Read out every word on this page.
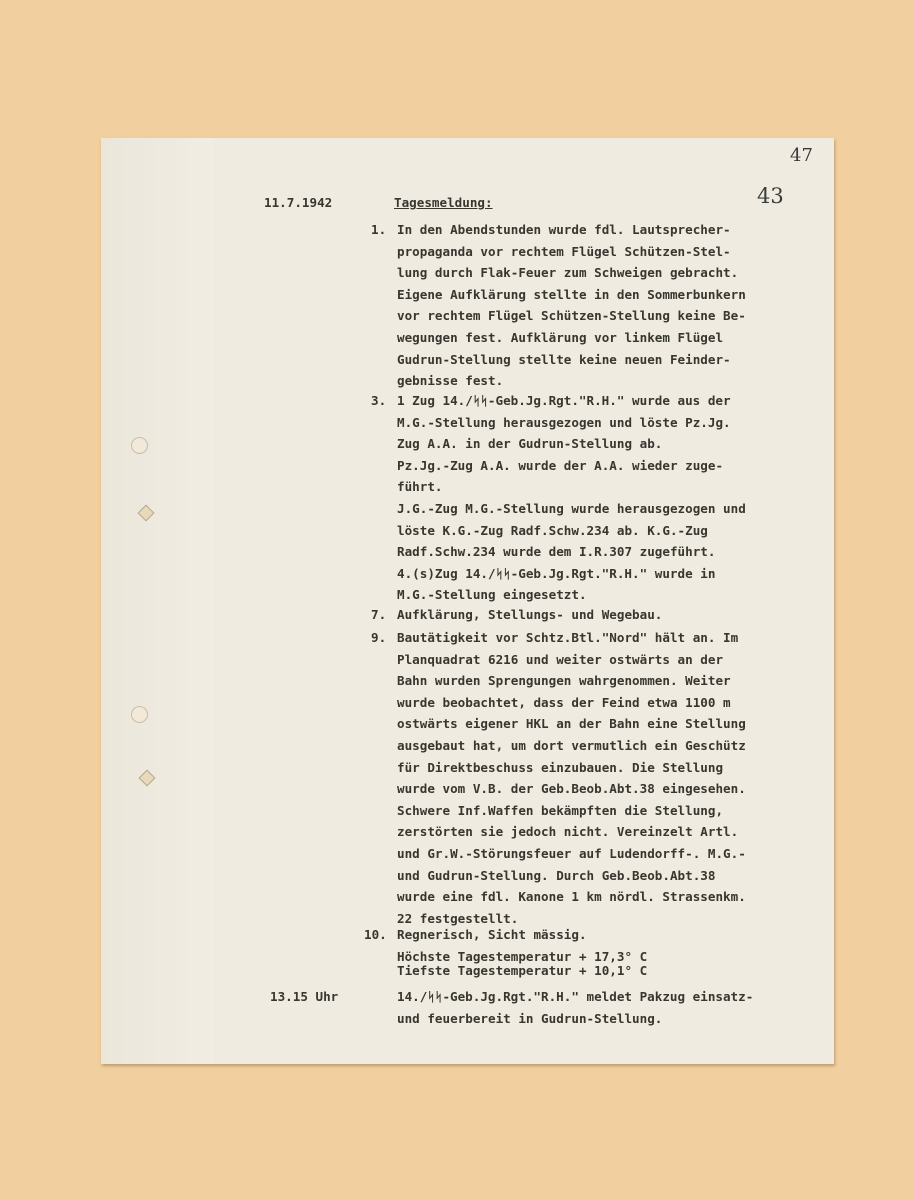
47
43
11.7.1942	Tagesmeldung:
1. In den Abendstunden wurde fdl. Lautsprecher-
propaganda vor rechtem Flügel Schützen-Stel-
lung durch Flak-Feuer zum Schweigen gebracht.
Eigene Aufklärung stellte in den Sommerbunkern
vor rechtem Flügel Schützen-Stellung keine Be-
wegungen fest. Aufklärung vor linkem Flügel
Gudrun-Stellung stellte keine neuen Feinder-
gebnisse fest.
3. 1 Zug 14./ᛋᛋ-Geb.Jg.Rgt."R.H." wurde aus der
M.G.-Stellung herausgezogen und löste Pz.Jg.
Zug A.A. in der Gudrun-Stellung ab.
Pz.Jg.-Zug A.A. wurde der A.A. wieder zuge-
führt.
J.G.-Zug M.G.-Stellung wurde herausgezogen und
löste K.G.-Zug Radf.Schw.234 ab. K.G.-Zug
Radf.Schw.234 wurde dem I.R.307 zugeführt.
4.(s)Zug 14./ᛋᛋ-Geb.Jg.Rgt."R.H." wurde in
M.G.-Stellung eingesetzt.
7. Aufklärung, Stellungs- und Wegebau.
9. Bautätigkeit vor Schtz.Btl."Nord" hält an. Im
Planquadrat 6216 und weiter ostwärts an der
Bahn wurden Sprengungen wahrgenommen. Weiter
wurde beobachtet, dass der Feind etwa 1100 m
ostwärts eigener HKL an der Bahn eine Stellung
ausgebaut hat, um dort vermutlich ein Geschütz
für Direktbeschuss einzubauen. Die Stellung
wurde vom V.B. der Geb.Beob.Abt.38 eingesehen.
Schwere Inf.Waffen bekämpften die Stellung,
zerstörten sie jedoch nicht. Vereinzelt Artl.
und Gr.W.-Störungsfeuer auf Ludendorff-. M.G.-
und Gudrun-Stellung. Durch Geb.Beob.Abt.38
wurde eine fdl. Kanone 1 km nördl. Strassenkm.
22 festgestellt.
10. Regnerisch, Sicht mässig.
Höchste Tagestemperatur + 17,3° C
Tiefste Tagestemperatur + 10,1° C
13.15 Uhr	14./ᛋᛋ-Geb.Jg.Rgt."R.H." meldet Pakzug einsatz-
und feuerbereit in Gudrun-Stellung.
